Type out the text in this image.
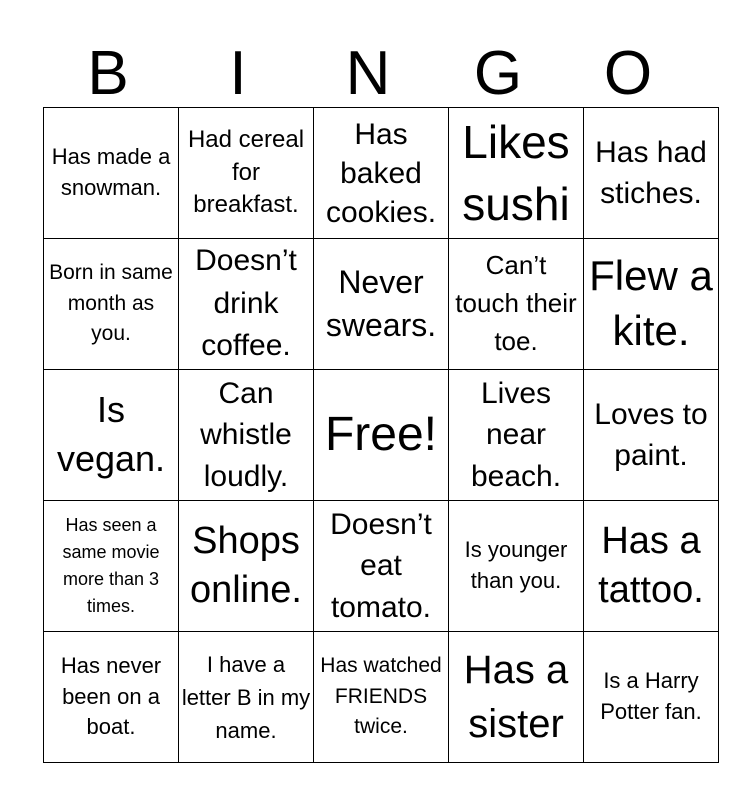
B	I	N	G	O
Has made a snowman.	Had cereal for breakfast.	Has baked cookies.	Likes sushi	Has had stiches.

Born in same month as you.	Doesn’t drink coffee.	Never swears.	Can’t touch their toe.	Flew a kite.

Is vegan.	Can whistle loudly.	Free!	Lives near beach.	Loves to paint.

Has seen a same movie more than 3 times.	Shops online.	Doesn’t eat tomato.	Is younger than you.	Has a tattoo.

Has never been on a boat.	I have a letter B in my name.	Has watched FRIENDS twice.	Has a sister	Is a Harry Potter fan.
